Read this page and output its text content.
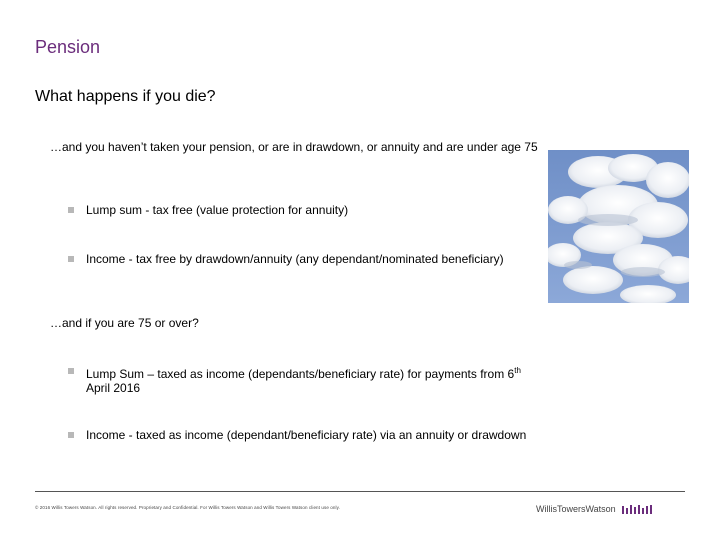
Pension
What happens if you die?
…and you haven’t taken your pension, or are in drawdown, or annuity and are under age 75
Lump sum - tax free (value protection for annuity)
Income - tax free by drawdown/annuity (any dependant/nominated beneficiary)
…and if you are 75 or over?
Lump Sum – taxed as income (dependants/beneficiary rate) for payments from 6th April 2016
Income - taxed as income (dependant/beneficiary rate) via an annuity or drawdown
© 2016 Willis Towers Watson. All rights reserved. Proprietary and Confidential. For Willis Towers Watson and Willis Towers Watson client use only.	WillisTowersWatson
